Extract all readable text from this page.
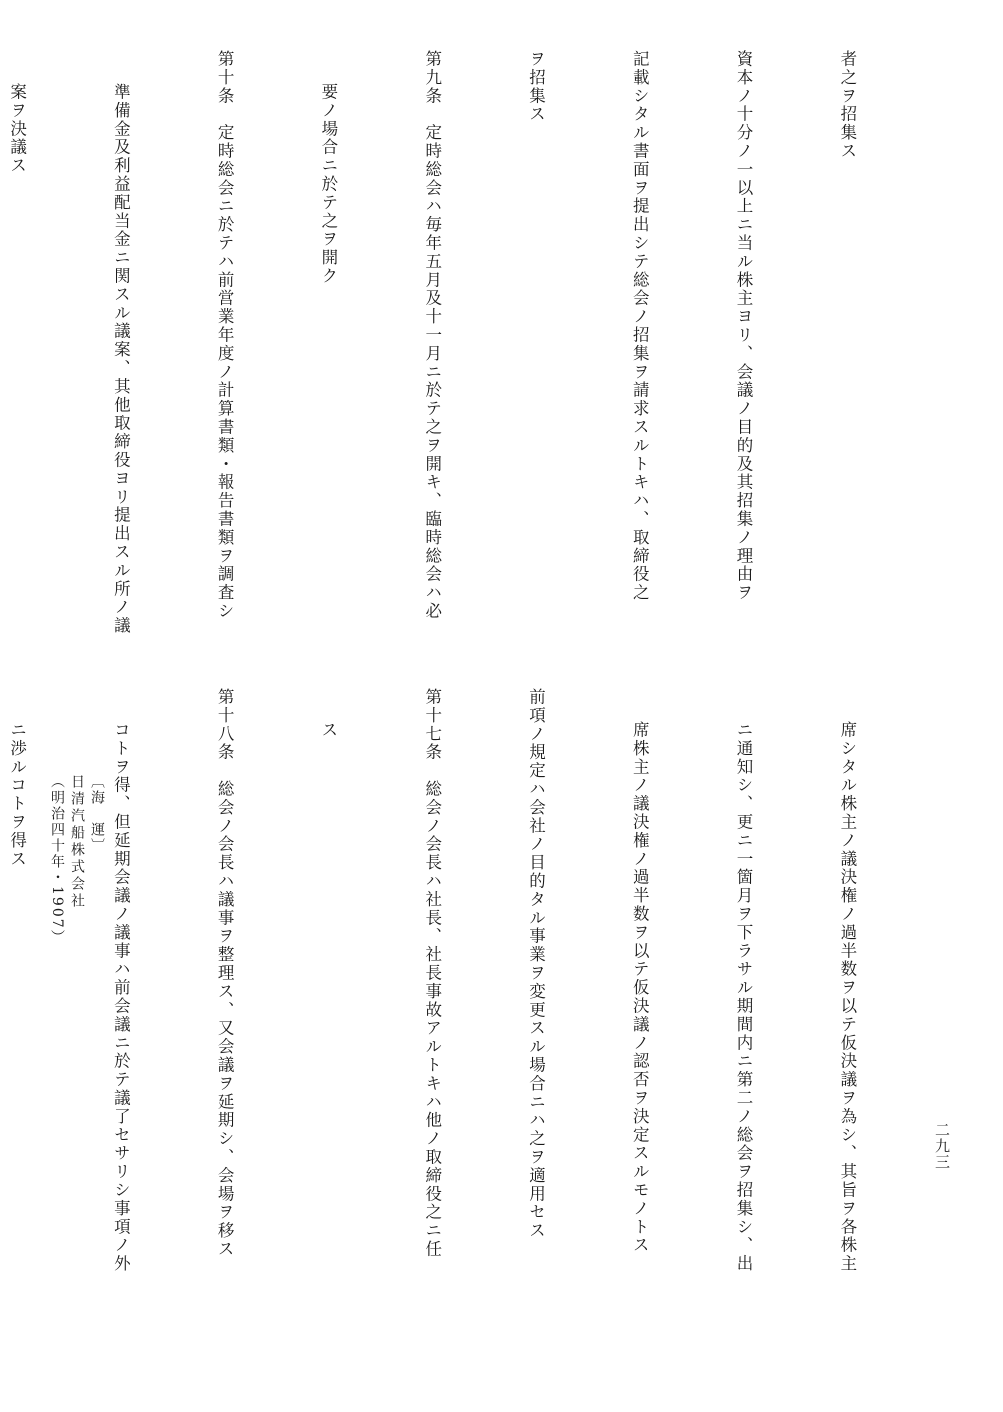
者之ヲ招集ス

資本ノ十分ノ一以上ニ当ル株主ヨリ、会議ノ目的及其招集ノ理由ヲ

記載シタル書面ヲ提出シテ総会ノ招集ヲ請求スルトキハ、取締役之

ヲ招集ス

第九条　定時総会ハ毎年五月及十一月ニ於テ之ヲ開キ、臨時総会ハ必

要ノ場合ニ於テ之ヲ開ク

第十条　定時総会ニ於テハ前営業年度ノ計算書類・報告書類ヲ調査シ

準備金及利益配当金ニ関スル議案、其他取締役ヨリ提出スル所ノ議

案ヲ決議ス

席シタル株主ノ議決権ノ過半数ヲ以テ仮決議ヲ為シ、其旨ヲ各株主

ニ通知シ、更ニ一箇月ヲ下ラサル期間内ニ第二ノ総会ヲ招集シ、出

席株主ノ議決権ノ過半数ヲ以テ仮決議ノ認否ヲ決定スルモノトス

前項ノ規定ハ会社ノ目的タル事業ヲ変更スル場合ニハ之ヲ適用セス

第十七条　総会ノ会長ハ社長、社長事故アルトキハ他ノ取締役之ニ任

ス

第十八条　総会ノ会長ハ議事ヲ整理ス、又会議ヲ延期シ、会場ヲ移ス

コトヲ得、但延期会議ノ議事ハ前会議ニ於テ議了セサリシ事項ノ外

ニ渉ルコトヲ得ス

	〔海　運〕
日清汽船株式会社
（明治四十年・1907）

二九三
